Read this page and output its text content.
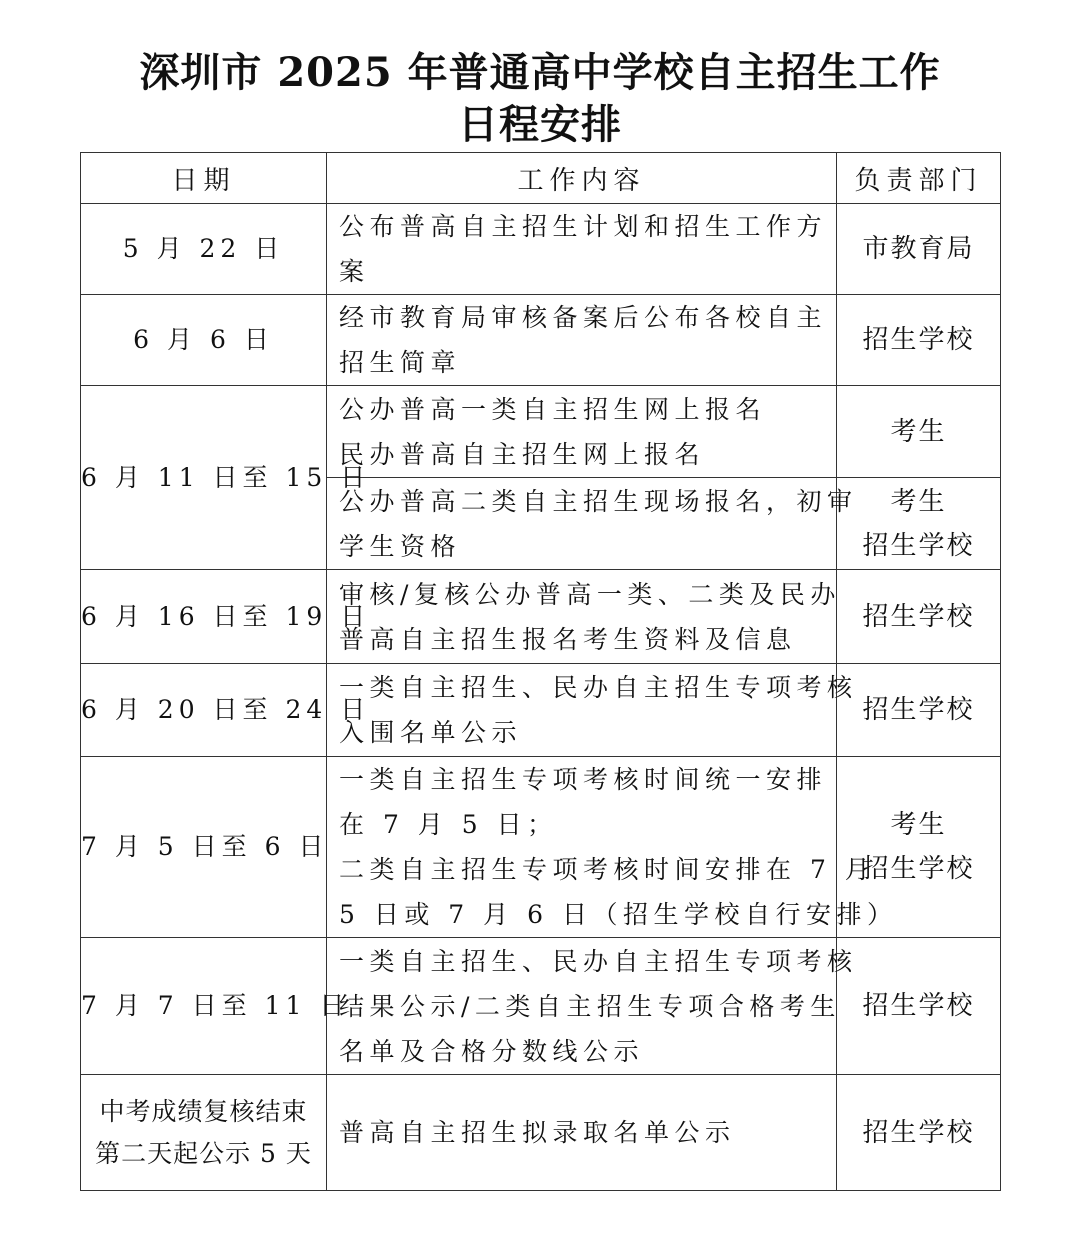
深圳市 2025 年普通高中学校自主招生工作
日程安排
日期	工作内容	负责部门

5 月 22 日	公布普高自主招生计划和招生工作方
案	市教育局

6 月 6 日	经市教育局审核备案后公布各校自主
招生简章	招生学校

6 月 11 日至 15 日	公办普高一类自主招生网上报名
民办普高自主招生网上报名	考生

	公办普高二类自主招生现场报名，初审
学生资格	考生
招生学校

6 月 16 日至 19 日	审核/复核公办普高一类、二类及民办
普高自主招生报名考生资料及信息	招生学校

6 月 20 日至 24 日	一类自主招生、民办自主招生专项考核
入围名单公示	招生学校

7 月 5 日至 6 日	一类自主招生专项考核时间统一安排
在 7 月 5 日；
二类自主招生专项考核时间安排在 7 月
5 日或 7 月 6 日（招生学校自行安排）	考生
招生学校

7 月 7 日至 11 日	一类自主招生、民办自主招生专项考核
结果公示/二类自主招生专项合格考生
名单及合格分数线公示	招生学校

中考成绩复核结束
第二天起公示 5 天	普高自主招生拟录取名单公示	招生学校
